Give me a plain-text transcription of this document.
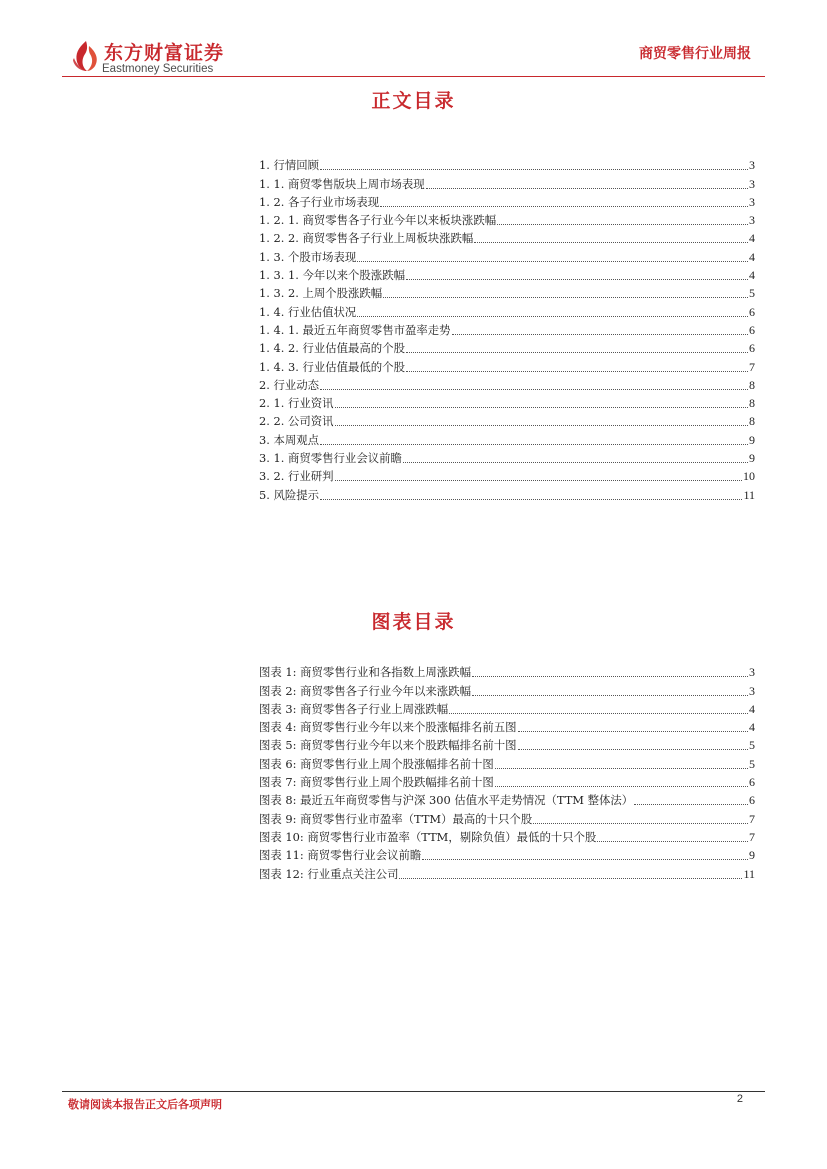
东方财富证券
Eastmoney Securities
商贸零售行业周报
正文目录
1. 行情回顾	3
1. 1. 商贸零售版块上周市场表现	3
1. 2. 各子行业市场表现	3
1. 2. 1. 商贸零售各子行业今年以来板块涨跌幅	3
1. 2. 2. 商贸零售各子行业上周板块涨跌幅	4
1. 3. 个股市场表现	4
1. 3. 1. 今年以来个股涨跌幅	4
1. 3. 2. 上周个股涨跌幅	5
1. 4. 行业估值状况	6
1. 4. 1. 最近五年商贸零售市盈率走势	6
1. 4. 2. 行业估值最高的个股	6
1. 4. 3. 行业估值最低的个股	7
2. 行业动态	8
2. 1. 行业资讯	8
2. 2. 公司资讯	8
3. 本周观点	9
3. 1. 商贸零售行业会议前瞻	9
3. 2. 行业研判	10
5. 风险提示	11
图表目录
图表 1: 商贸零售行业和各指数上周涨跌幅	3
图表 2: 商贸零售各子行业今年以来涨跌幅	3
图表 3: 商贸零售各子行业上周涨跌幅	4
图表 4: 商贸零售行业今年以来个股涨幅排名前五图	4
图表 5: 商贸零售行业今年以来个股跌幅排名前十图	5
图表 6: 商贸零售行业上周个股涨幅排名前十图	5
图表 7: 商贸零售行业上周个股跌幅排名前十图	6
图表 8: 最近五年商贸零售与沪深 300 估值水平走势情况（TTM 整体法）	6
图表 9: 商贸零售行业市盈率（TTM）最高的十只个股	7
图表 10: 商贸零售行业市盈率（TTM，剔除负值）最低的十只个股	7
图表 11: 商贸零售行业会议前瞻	9
图表 12: 行业重点关注公司	11
敬请阅读本报告正文后各项声明	2
